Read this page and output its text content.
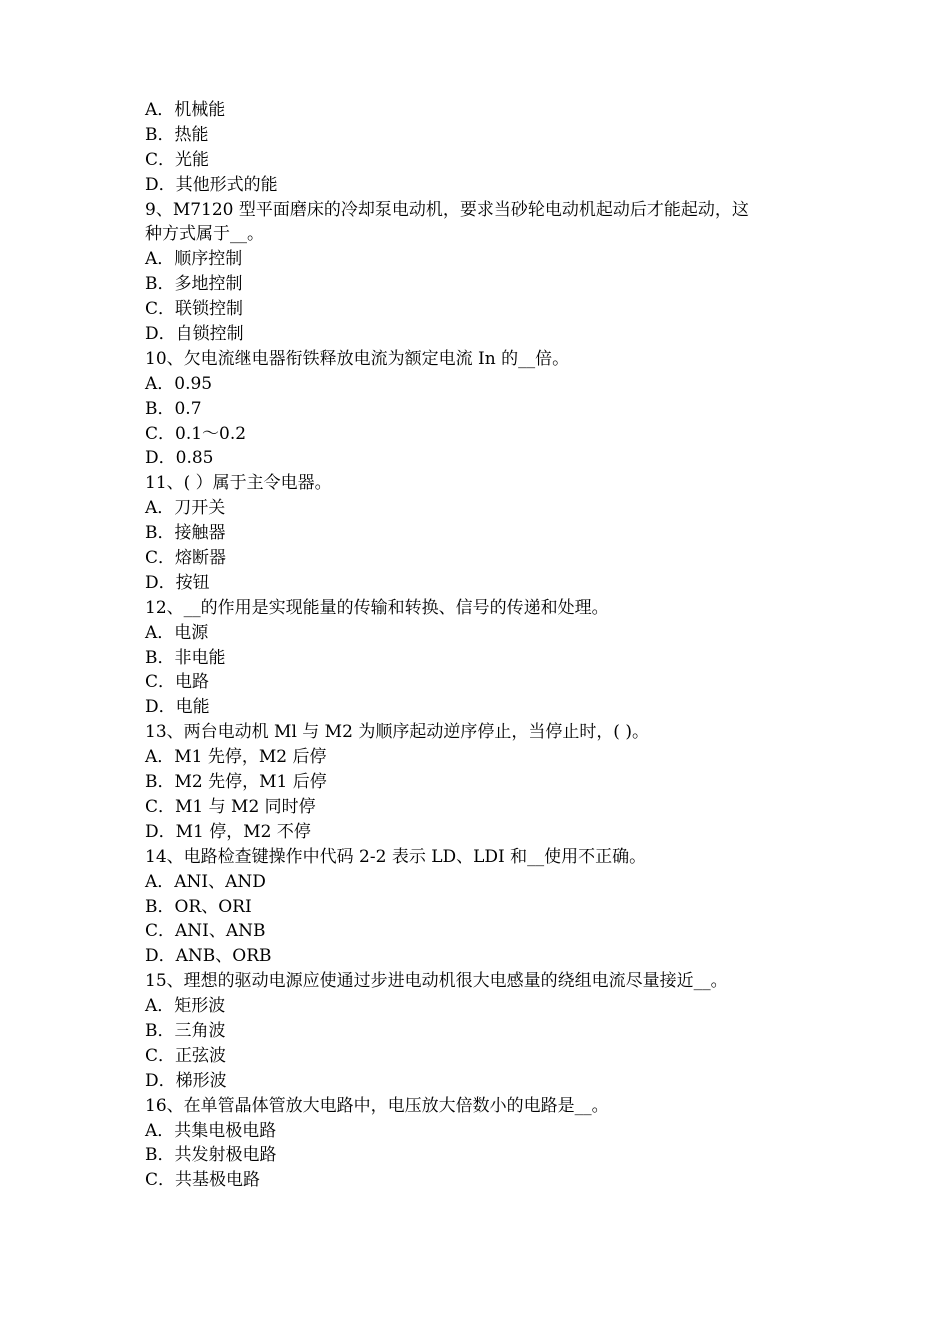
A．机械能
B．热能
C．光能
D．其他形式的能
9、M7120 型平面磨床的冷却泵电动机，要求当砂轮电动机起动后才能起动，这
种方式属于__。
A．顺序控制
B．多地控制
C．联锁控制
D．自锁控制
10、欠电流继电器衔铁释放电流为额定电流 In 的__倍。
A．0.95
B．0.7
C．0.1～0.2
D．0.85
11、( ）属于主令电器。
A．刀开关
B．接触器
C．熔断器
D．按钮
12、__的作用是实现能量的传输和转换、信号的传递和处理。
A．电源
B．非电能
C．电路
D．电能
13、两台电动机 Ml 与 M2 为顺序起动逆序停止，当停止时，( )。
A．M1 先停，M2 后停
B．M2 先停，M1 后停
C．M1 与 M2 同时停
D．M1 停，M2 不停
14、电路检查键操作中代码 2-2 表示 LD、LDI 和__使用不正确。
A．ANI、AND
B．OR、ORI
C．ANI、ANB
D．ANB、ORB
15、理想的驱动电源应使通过步进电动机很大电感量的绕组电流尽量接近__。
A．矩形波
B．三角波
C．正弦波
D．梯形波
16、在单管晶体管放大电路中，电压放大倍数小的电路是__。
A．共集电极电路
B．共发射极电路
C．共基极电路
